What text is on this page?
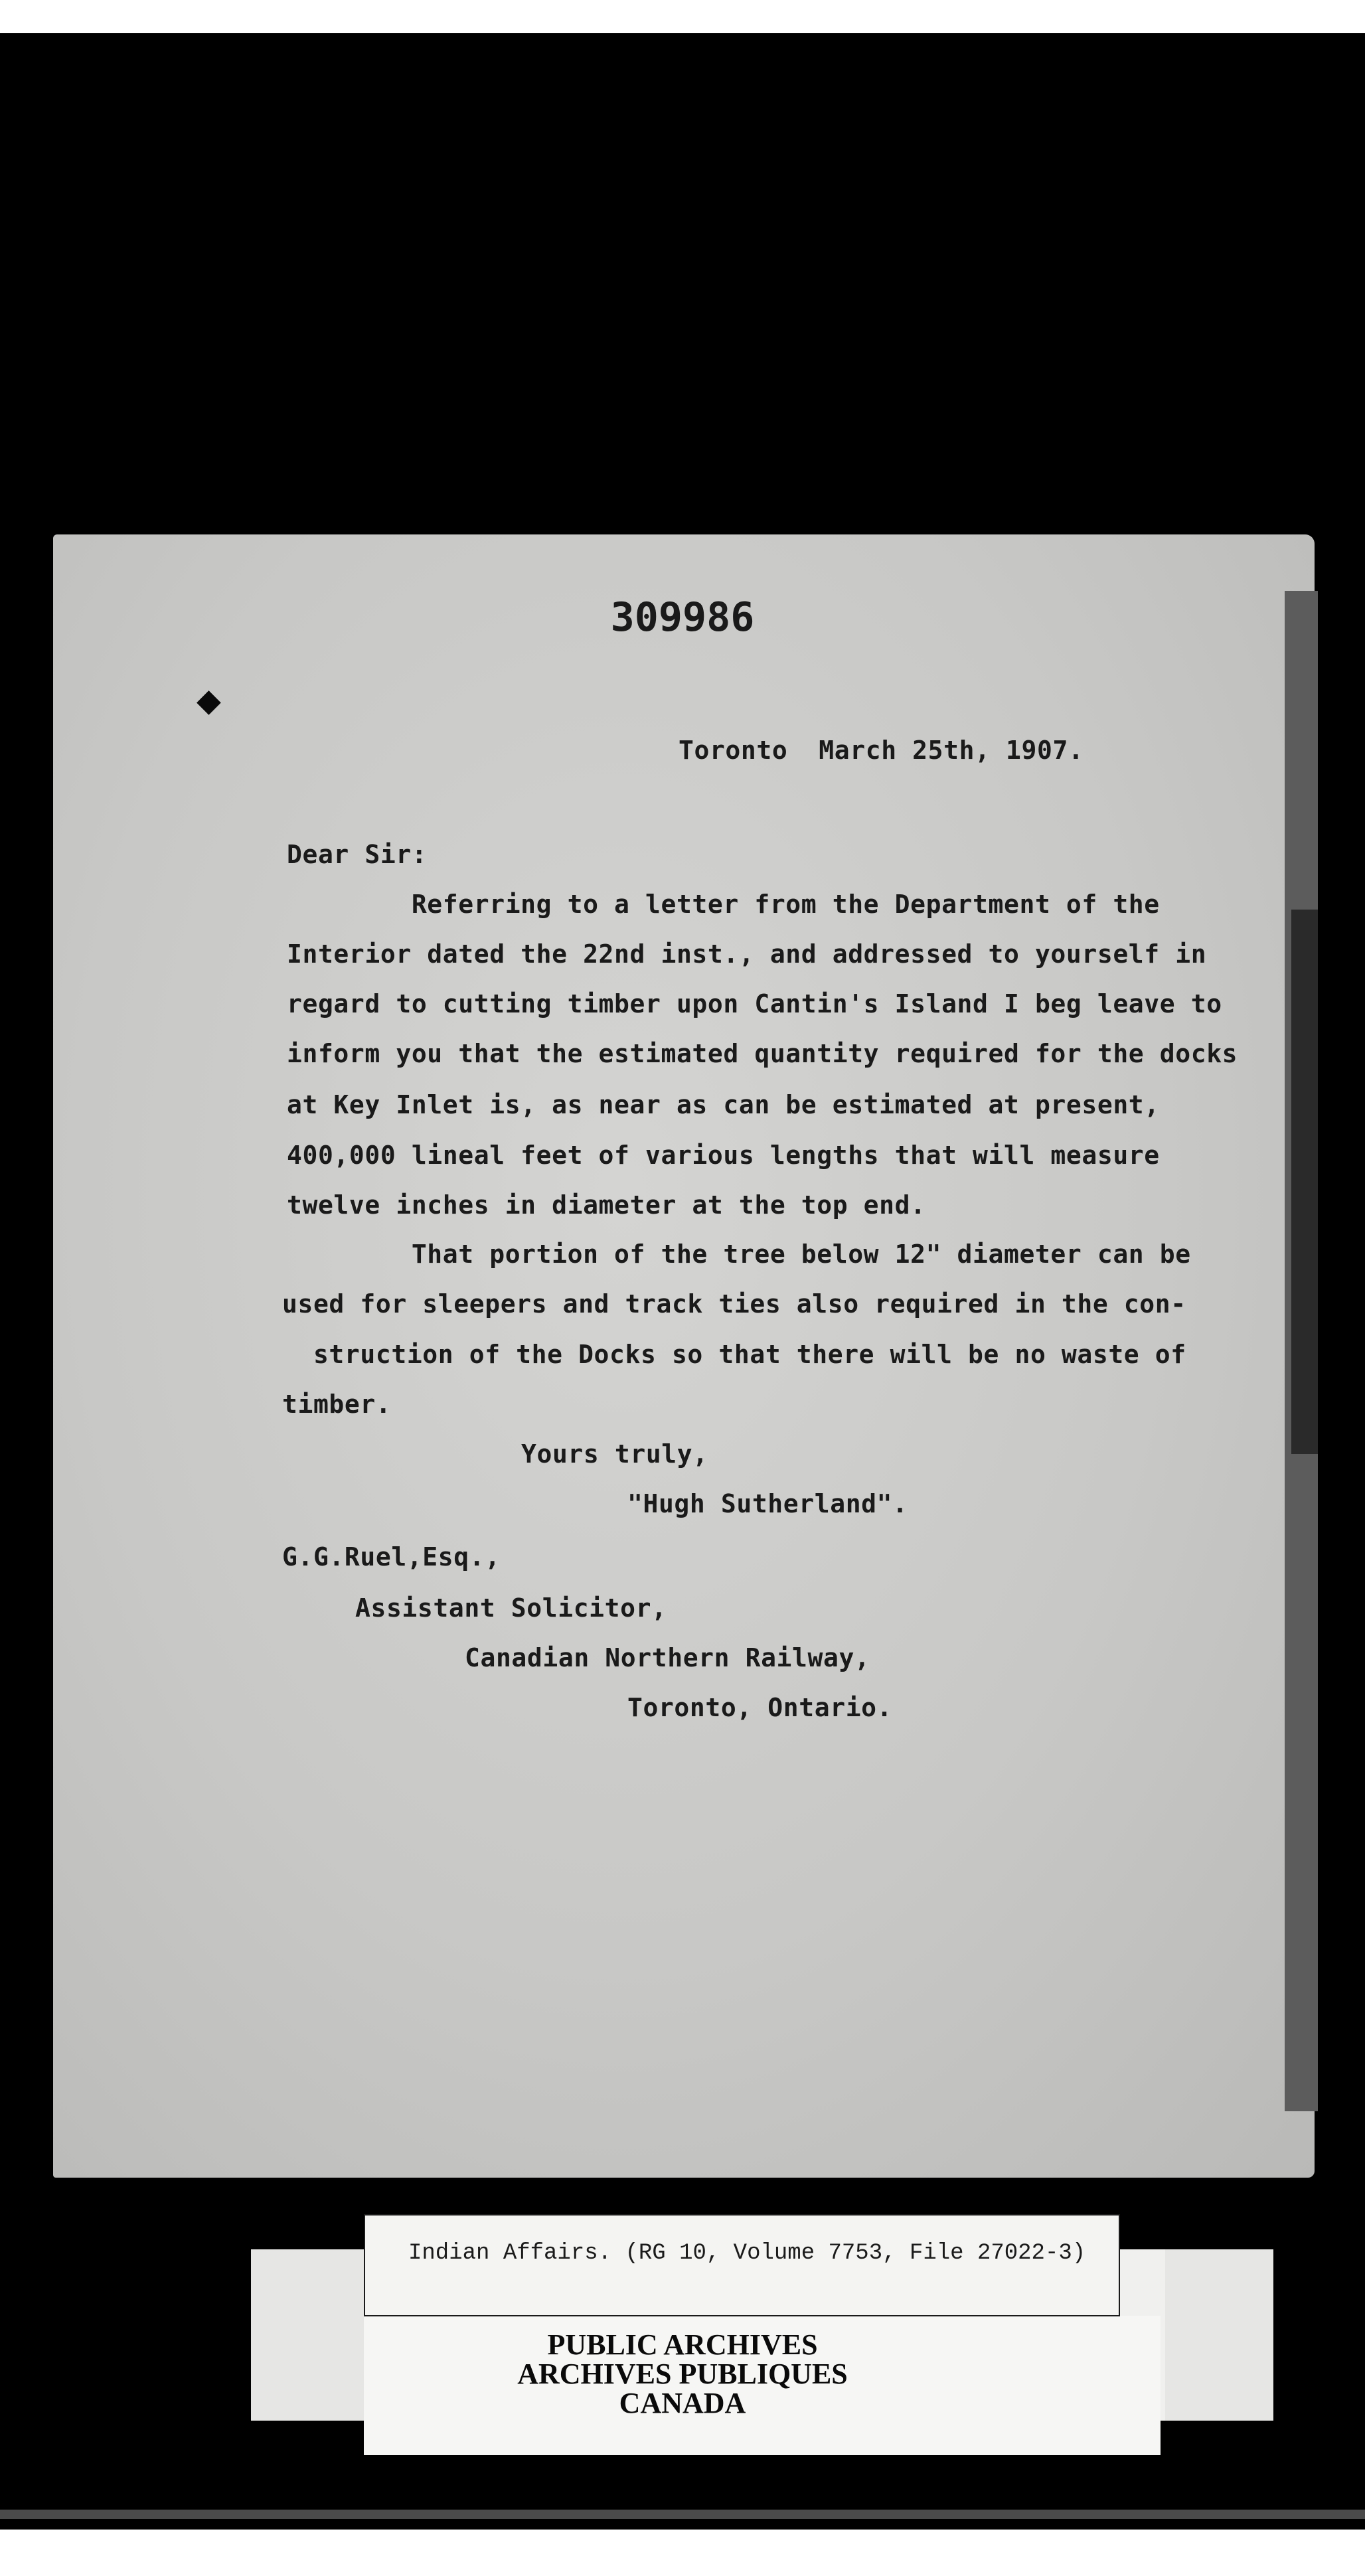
◆
309986

Toronto  March 25th, 1907.

Dear Sir:

Referring to a letter from the Department of the

Interior dated the 22nd inst., and addressed to yourself in

regard to cutting timber upon Cantin's Island I beg leave to

inform you that the estimated quantity required for the docks

at Key Inlet is, as near as can be estimated at present,

400,000 lineal feet of various lengths that will measure

twelve inches in diameter at the top end.

That portion of the tree below 12" diameter can be

used for sleepers and track ties also required in the con-

struction of the Docks so that there will be no waste of

timber.

Yours truly,

"Hugh Sutherland".

G.G.Ruel,Esq.,

Assistant Solicitor,

Canadian Northern Railway,

Toronto, Ontario.

Indian Affairs. (RG 10, Volume 7753, File 27022-3)

PUBLIC ARCHIVES

ARCHIVES PUBLIQUES

CANADA
